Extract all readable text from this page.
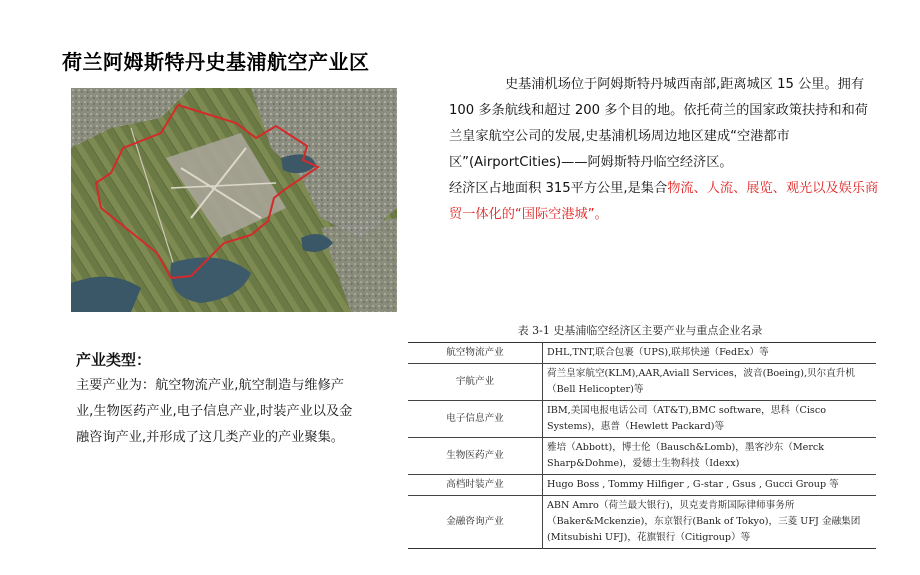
荷兰阿姆斯特丹史基浦航空产业区

史基浦机场位于阿姆斯特丹城西南部,距离城区 15 公里。拥有 100 多条航线和超过 200 多个目的地。依托荷兰的国家政策扶持和和荷兰皇家航空公司的发展,史基浦机场周边地区建成“空港都市区”(AirportCities)——阿姆斯特丹临空经济区。

经济区占地面积 315平方公里,是集合物流、人流、展览、观光以及娱乐商贸一体化的“国际空港城”。

产业类型：

主要产业为：航空物流产业,航空制造与维修产业,生物医药产业,电子信息产业,时装产业以及金融咨询产业,并形成了这几类产业的产业聚集。

表 3-1 史基浦临空经济区主要产业与重点企业名录
航空物流产业	DHL,TNT,联合包裹（UPS),联邦快递（FedEx）等
宇航产业	荷兰皇家航空(KLM),AAR,Aviall Services，波音(Boeing),贝尔直升机（Bell Helicopter)等
电子信息产业	IBM,美国电报电话公司（AT&T),BMC software，思科（Cisco Systems)，惠普（Hewlett Packard)等
生物医药产业	雅培（Abbott)，博士伦（Bausch&Lomb)，墨客沙东（Merck Sharp&Dohme)，爱德士生物科技（Idexx)
高档时装产业	Hugo Boss , Tommy Hilfiger , G-star , Gsus , Gucci Group 等
金融咨询产业	ABN Amro（荷兰最大银行)，贝克麦肯斯国际律师事务所（Baker&Mckenzie)，东京银行(Bank of Tokyo)，三菱 UFJ 金融集团(Mitsubishi UFJ)，花旗银行（Citigroup）等
